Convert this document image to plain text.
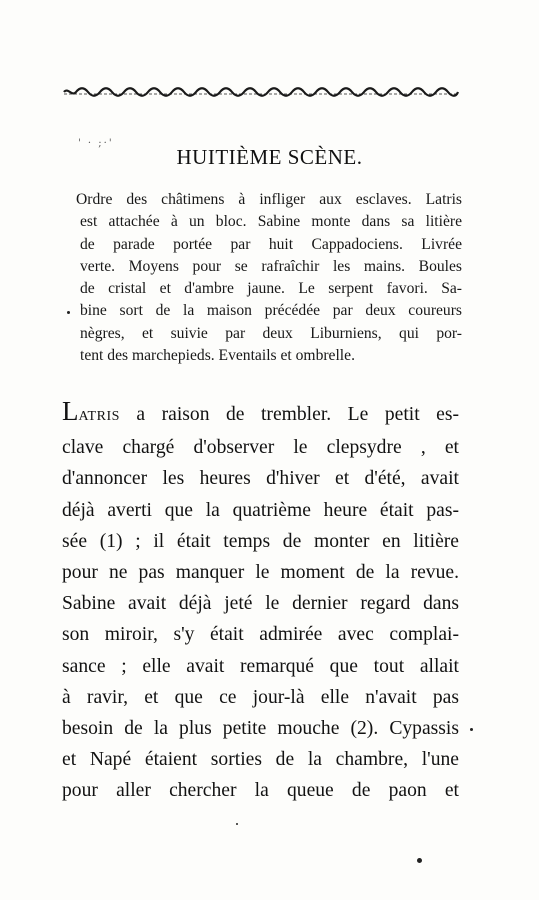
' · ;·'
HUITIÈME SCÈNE.
Ordre des châtimens à infliger aux esclaves. Latris
est attachée à un bloc. Sabine monte dans sa litière
de parade portée par huit Cappadociens. Livrée
verte. Moyens pour se rafraîchir les mains. Boules
de cristal et d'ambre jaune. Le serpent favori. Sa-
bine sort de la maison précédée par deux coureurs
nègres, et suivie par deux Liburniens, qui por-
tent des marchepieds. Eventails et ombrelle.
LATRIS a raison de trembler. Le petit es-
clave chargé d'observer le clepsydre , et
d'annoncer les heures d'hiver et d'été, avait
déjà averti que la quatrième heure était pas-
sée (1) ; il était temps de monter en litière
pour ne pas manquer le moment de la revue.
Sabine avait déjà jeté le dernier regard dans
son miroir, s'y était admirée avec complai-
sance ; elle avait remarqué que tout allait
à ravir, et que ce jour-là elle n'avait pas
besoin de la plus petite mouche (2). Cypassis
et Napé étaient sorties de la chambre, l'une
pour aller chercher la queue de paon et
